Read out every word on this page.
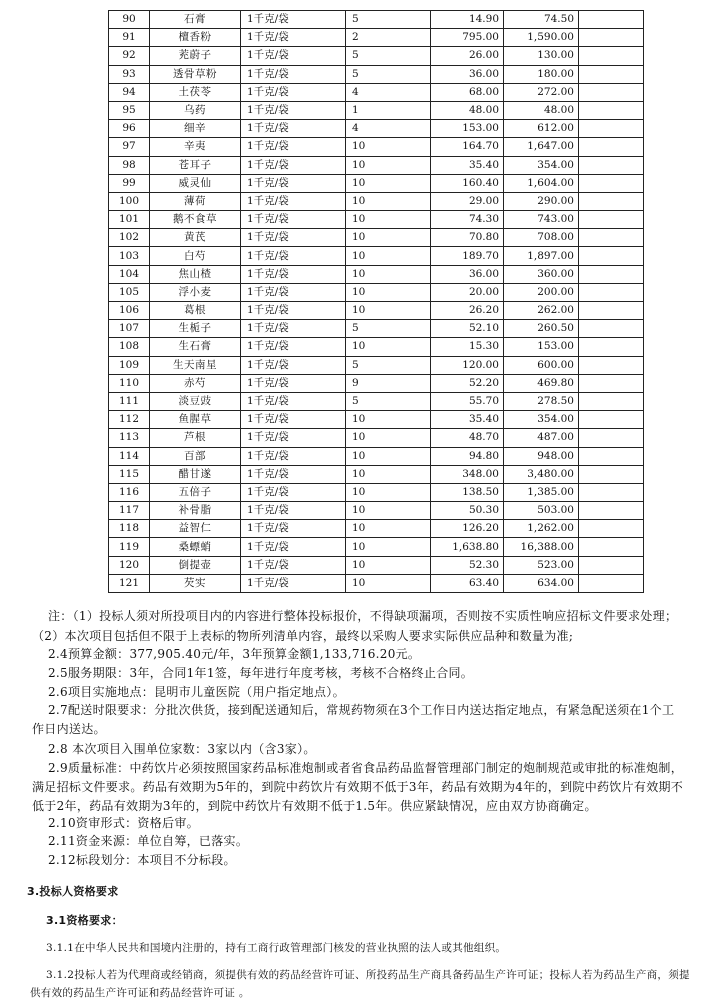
90	石膏	1千克/袋	5	14.90	74.50	
91	檀香粉	1千克/袋	2	795.00	1,590.00	
92	茺蔚子	1千克/袋	5	26.00	130.00	
93	透骨草粉	1千克/袋	5	36.00	180.00	
94	土茯苓	1千克/袋	4	68.00	272.00	
95	乌药	1千克/袋	1	48.00	48.00	
96	细辛	1千克/袋	4	153.00	612.00	
97	辛夷	1千克/袋	10	164.70	1,647.00	
98	苍耳子	1千克/袋	10	35.40	354.00	
99	威灵仙	1千克/袋	10	160.40	1,604.00	
100	薄荷	1千克/袋	10	29.00	290.00	
101	鹅不食草	1千克/袋	10	74.30	743.00	
102	黄芪	1千克/袋	10	70.80	708.00	
103	白芍	1千克/袋	10	189.70	1,897.00	
104	焦山楂	1千克/袋	10	36.00	360.00	
105	浮小麦	1千克/袋	10	20.00	200.00	
106	葛根	1千克/袋	10	26.20	262.00	
107	生栀子	1千克/袋	5	52.10	260.50	
108	生石膏	1千克/袋	10	15.30	153.00	
109	生天南星	1千克/袋	5	120.00	600.00	
110	赤芍	1千克/袋	9	52.20	469.80	
111	淡豆豉	1千克/袋	5	55.70	278.50	
112	鱼腥草	1千克/袋	10	35.40	354.00	
113	芦根	1千克/袋	10	48.70	487.00	
114	百部	1千克/袋	10	94.80	948.00	
115	醋甘遂	1千克/袋	10	348.00	3,480.00	
116	五倍子	1千克/袋	10	138.50	1,385.00	
117	补骨脂	1千克/袋	10	50.30	503.00	
118	益智仁	1千克/袋	10	126.20	1,262.00	
119	桑螵蛸	1千克/袋	10	1,638.80	16,388.00	
120	倒提壶	1千克/袋	10	52.30	523.00	
121	芡实	1千克/袋	10	63.40	634.00	

注：（1）投标人须对所投项目内的内容进行整体投标报价，不得缺项漏项，否则按不实质性响应招标文件要求处理；

（2）本次项目包括但不限于上表标的物所列清单内容，最终以采购人要求实际供应品种和数量为准;

2.4预算金额：377,905.40元/年，3年预算金额1,133,716.20元。

2.5服务期限：3年，合同1年1签，每年进行年度考核，考核不合格终止合同。

2.6项目实施地点：昆明市儿童医院（用户指定地点）。

2.7配送时限要求：分批次供货，接到配送通知后，常规药物须在3个工作日内送达指定地点，有紧急配送须在1个工作日内送达。

2.8 本次项目入围单位家数：3家以内（含3家）。

2.9质量标准：中药饮片必须按照国家药品标准炮制或者省食品药品监督管理部门制定的炮制规范或审批的标准炮制，满足招标文件要求。药品有效期为5年的，到院中药饮片有效期不低于3年，药品有效期为4年的，到院中药饮片有效期不低于2年，药品有效期为3年的，到院中药饮片有效期不低于1.5年。供应紧缺情况，应由双方协商确定。

2.10资审形式：资格后审。

2.11资金来源：单位自筹，已落实。

2.12标段划分：本项目不分标段。

3.投标人资格要求

3.1资格要求：

3.1.1在中华人民共和国境内注册的，持有工商行政管理部门核发的营业执照的法人或其他组织。

3.1.2投标人若为代理商或经销商，须提供有效的药品经营许可证、所投药品生产商具备药品生产许可证；投标人若为药品生产商，须提供有效的药品生产许可证和药品经营许可证 。
